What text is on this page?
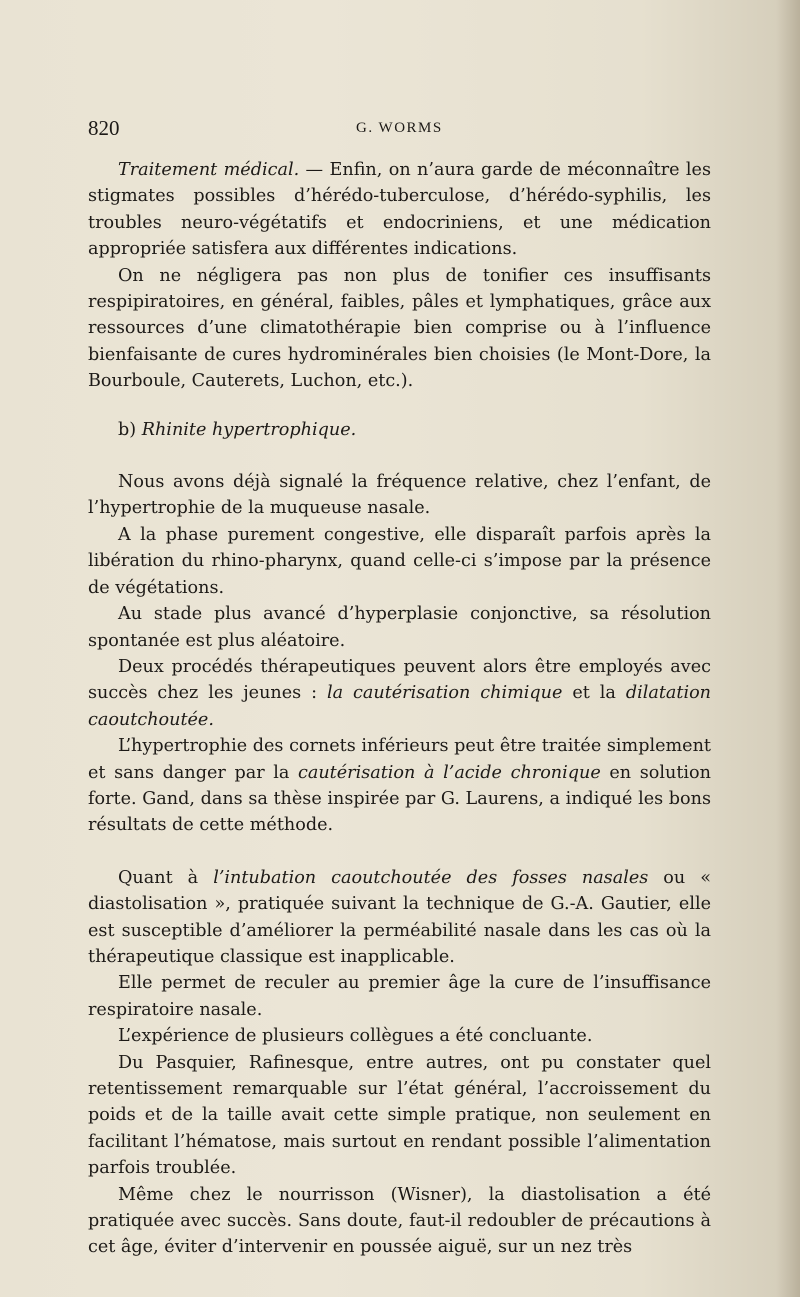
820	G. WORMS

Traitement médical. — Enfin, on n’aura garde de méconnaître les stigmates possibles d’hérédo-tuberculose, d’hérédo-syphilis, les troubles neuro-végétatifs et endocriniens, et une médication appropriée satisfera aux différentes indications.

On ne négligera pas non plus de tonifier ces insuffisants respipiratoires, en général, faibles, pâles et lymphatiques, grâce aux ressources d’une climatothérapie bien comprise ou à l’influence bienfaisante de cures hydrominérales bien choisies (le Mont-Dore, la Bourboule, Cauterets, Luchon, etc.).

b) Rhinite hypertrophique.

Nous avons déjà signalé la fréquence relative, chez l’enfant, de l’hypertrophie de la muqueuse nasale.

A la phase purement congestive, elle disparaît parfois après la libération du rhino-pharynx, quand celle-ci s’impose par la présence de végétations.

Au stade plus avancé d’hyperplasie conjonctive, sa résolution spontanée est plus aléatoire.

Deux procédés thérapeutiques peuvent alors être employés avec succès chez les jeunes : la cautérisation chimique et la dilatation caoutchoutée.

L’hypertrophie des cornets inférieurs peut être traitée simplement et sans danger par la cautérisation à l’acide chronique en solution forte. Gand, dans sa thèse inspirée par G. Laurens, a indiqué les bons résultats de cette méthode.

Quant à l’intubation caoutchoutée des fosses nasales ou « diastolisation », pratiquée suivant la technique de G.-A. Gautier, elle est susceptible d’améliorer la perméabilité nasale dans les cas où la thérapeutique classique est inapplicable.

Elle permet de reculer au premier âge la cure de l’insuffisance respiratoire nasale.

L’expérience de plusieurs collègues a été concluante.

Du Pasquier, Rafinesque, entre autres, ont pu constater quel retentissement remarquable sur l’état général, l’accroissement du poids et de la taille avait cette simple pratique, non seulement en facilitant l’hématose, mais surtout en rendant possible l’alimentation parfois troublée.

Même chez le nourrisson (Wisner), la diastolisation a été pratiquée avec succès. Sans doute, faut-il redoubler de précautions à cet âge, éviter d’intervenir en poussée aiguë, sur un nez très
